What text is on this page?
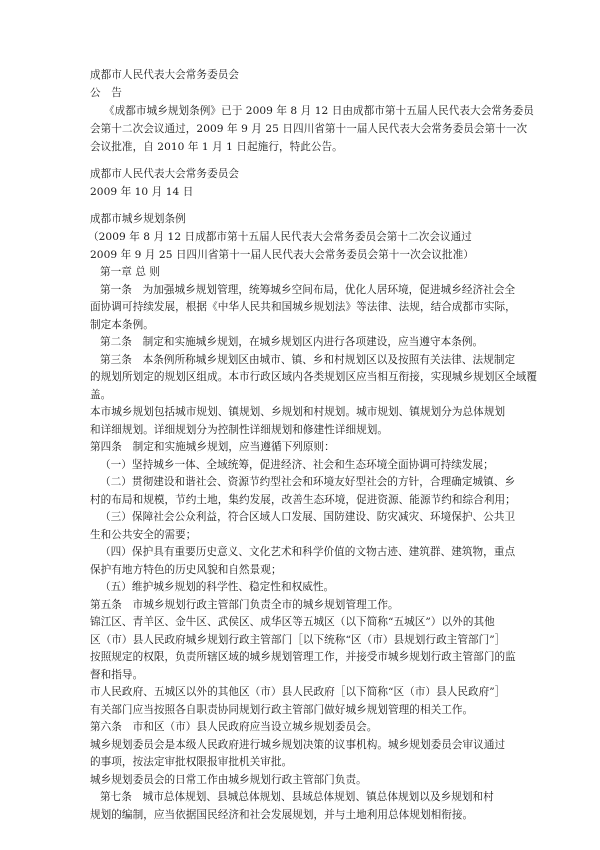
成都市人民代表大会常务委员会
公　告
《成都市城乡规划条例》已于 2009 年 8 月 12 日由成都市第十五届人民代表大会常务委员
会第十二次会议通过，2009 年 9 月 25 日四川省第十一届人民代表大会常务委员会第十一次
会议批准，自 2010 年 1 月 1 日起施行，特此公告。
成都市人民代表大会常务委员会
2009 年 10 月 14 日
成都市城乡规划条例
（2009 年 8 月 12 日成都市第十五届人民代表大会常务委员会第十二次会议通过
2009 年 9 月 25 日四川省第十一届人民代表大会常务委员会第十一次会议批准）
第一章 总 则
第一条　为加强城乡规划管理，统筹城乡空间布局，优化人居环境，促进城乡经济社会全
面协调可持续发展，根据《中华人民共和国城乡规划法》等法律、法规，结合成都市实际，
制定本条例。
第二条　制定和实施城乡规划，在城乡规划区内进行各项建设，应当遵守本条例。
第三条　本条例所称城乡规划区由城市、镇、乡和村规划区以及按照有关法律、法规制定
的规划所划定的规划区组成。本市行政区域内各类规划区应当相互衔接，实现城乡规划区全域覆
盖。
本市城乡规划包括城市规划、镇规划、乡规划和村规划。城市规划、镇规划分为总体规划
和详细规划。详细规划分为控制性详细规划和修建性详细规划。
第四条　制定和实施城乡规划，应当遵循下列原则：
（一）坚持城乡一体、全域统筹，促进经济、社会和生态环境全面协调可持续发展；
（二）贯彻建设和谐社会、资源节约型社会和环境友好型社会的方针，合理确定城镇、乡
村的布局和规模，节约土地，集约发展，改善生态环境，促进资源、能源节约和综合利用；
（三）保障社会公众利益，符合区域人口发展、国防建设、防灾减灾、环境保护、公共卫
生和公共安全的需要；
（四）保护具有重要历史意义、文化艺术和科学价值的文物古迹、建筑群、建筑物，重点
保护有地方特色的历史风貌和自然景观；
（五）维护城乡规划的科学性、稳定性和权威性。
第五条　市城乡规划行政主管部门负责全市的城乡规划管理工作。
锦江区、青羊区、金牛区、武侯区、成华区等五城区（以下简称“五城区”）以外的其他
区（市）县人民政府城乡规划行政主管部门［以下统称“区（市）县规划行政主管部门”］
按照规定的权限，负责所辖区域的城乡规划管理工作，并接受市城乡规划行政主管部门的监
督和指导。
市人民政府、五城区以外的其他区（市）县人民政府［以下简称“区（市）县人民政府”］
有关部门应当按照各自职责协同规划行政主管部门做好城乡规划管理的相关工作。
第六条　市和区（市）县人民政府应当设立城乡规划委员会。
城乡规划委员会是本级人民政府进行城乡规划决策的议事机构。城乡规划委员会审议通过
的事项，按法定审批权限报审批机关审批。
城乡规划委员会的日常工作由城乡规划行政主管部门负责。
第七条　城市总体规划、县城总体规划、县域总体规划、镇总体规划以及乡规划和村
规划的编制，应当依据国民经济和社会发展规划，并与土地利用总体规划相衔接。
